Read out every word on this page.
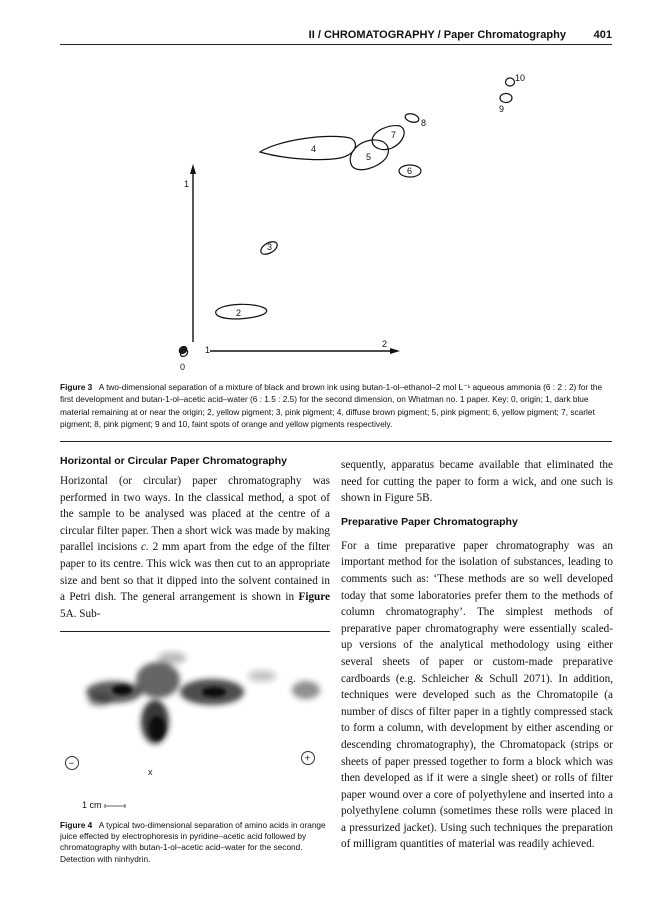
II / CHROMATOGRAPHY / Paper Chromatography	401
1
2
1
0
2
3
4
5
7
8
6
9
10
Figure 3 A two-dimensional separation of a mixture of black and brown ink using butan-1-ol–ethanol–2 mol L⁻¹ aqueous ammonia (6 : 2 : 2) for the first development and butan-1-ol–acetic acid–water (6 : 1.5 : 2.5) for the second dimension, on Whatman no. 1 paper. Key: 0, origin; 1, dark blue material remaining at or near the origin; 2, yellow pigment; 3, pink pigment; 4, diffuse brown pigment; 5, pink pigment; 6, yellow pigment; 7, scarlet pigment; 8, pink pigment; 9 and 10, faint spots of orange and yellow pigments respectively.
Horizontal or Circular Paper Chromatography

Horizontal (or circular) paper chromatography was performed in two ways. In the classical method, a spot of the sample to be analysed was placed at the centre of a circular filter paper. Then a short wick was made by making parallel incisions c. 2 mm apart from the edge of the filter paper to its centre. This wick was then cut to an appropriate size and bent so that it dipped into the solvent contained in a Petri dish. The general arrangement is shown in Figure 5A. Sub-

x
−	+
1 cm
Figure 4 A typical two-dimensional separation of amino acids in orange juice effected by electrophoresis in pyridine–acetic acid followed by chromatography with butan-1-ol–acetic acid–water for the second. Detection with ninhydrin.

sequently, apparatus became available that eliminated the need for cutting the paper to form a wick, and one such is shown in Figure 5B.

Preparative Paper Chromatography

For a time preparative paper chromatography was an important method for the isolation of substances, leading to comments such as: ‘These methods are so well developed today that some laboratories prefer them to the methods of column chromatography’. The simplest methods of preparative paper chromatography were essentially scaled-up versions of the analytical methodology using either several sheets of paper or custom-made preparative cardboards (e.g. Schleicher & Schull 2071). In addition, techniques were developed such as the Chromatopile (a number of discs of filter paper in a tightly compressed stack to form a column, with development by either ascending or descending chromatography), the Chromatopack (strips or sheets of paper pressed together to form a block which was then developed as if it were a single sheet) or rolls of filter paper wound over a core of polyethylene and inserted into a polyethylene column (sometimes these rolls were placed in a pressurized jacket). Using such techniques the preparation of milligram quantities of material was readily achieved.
